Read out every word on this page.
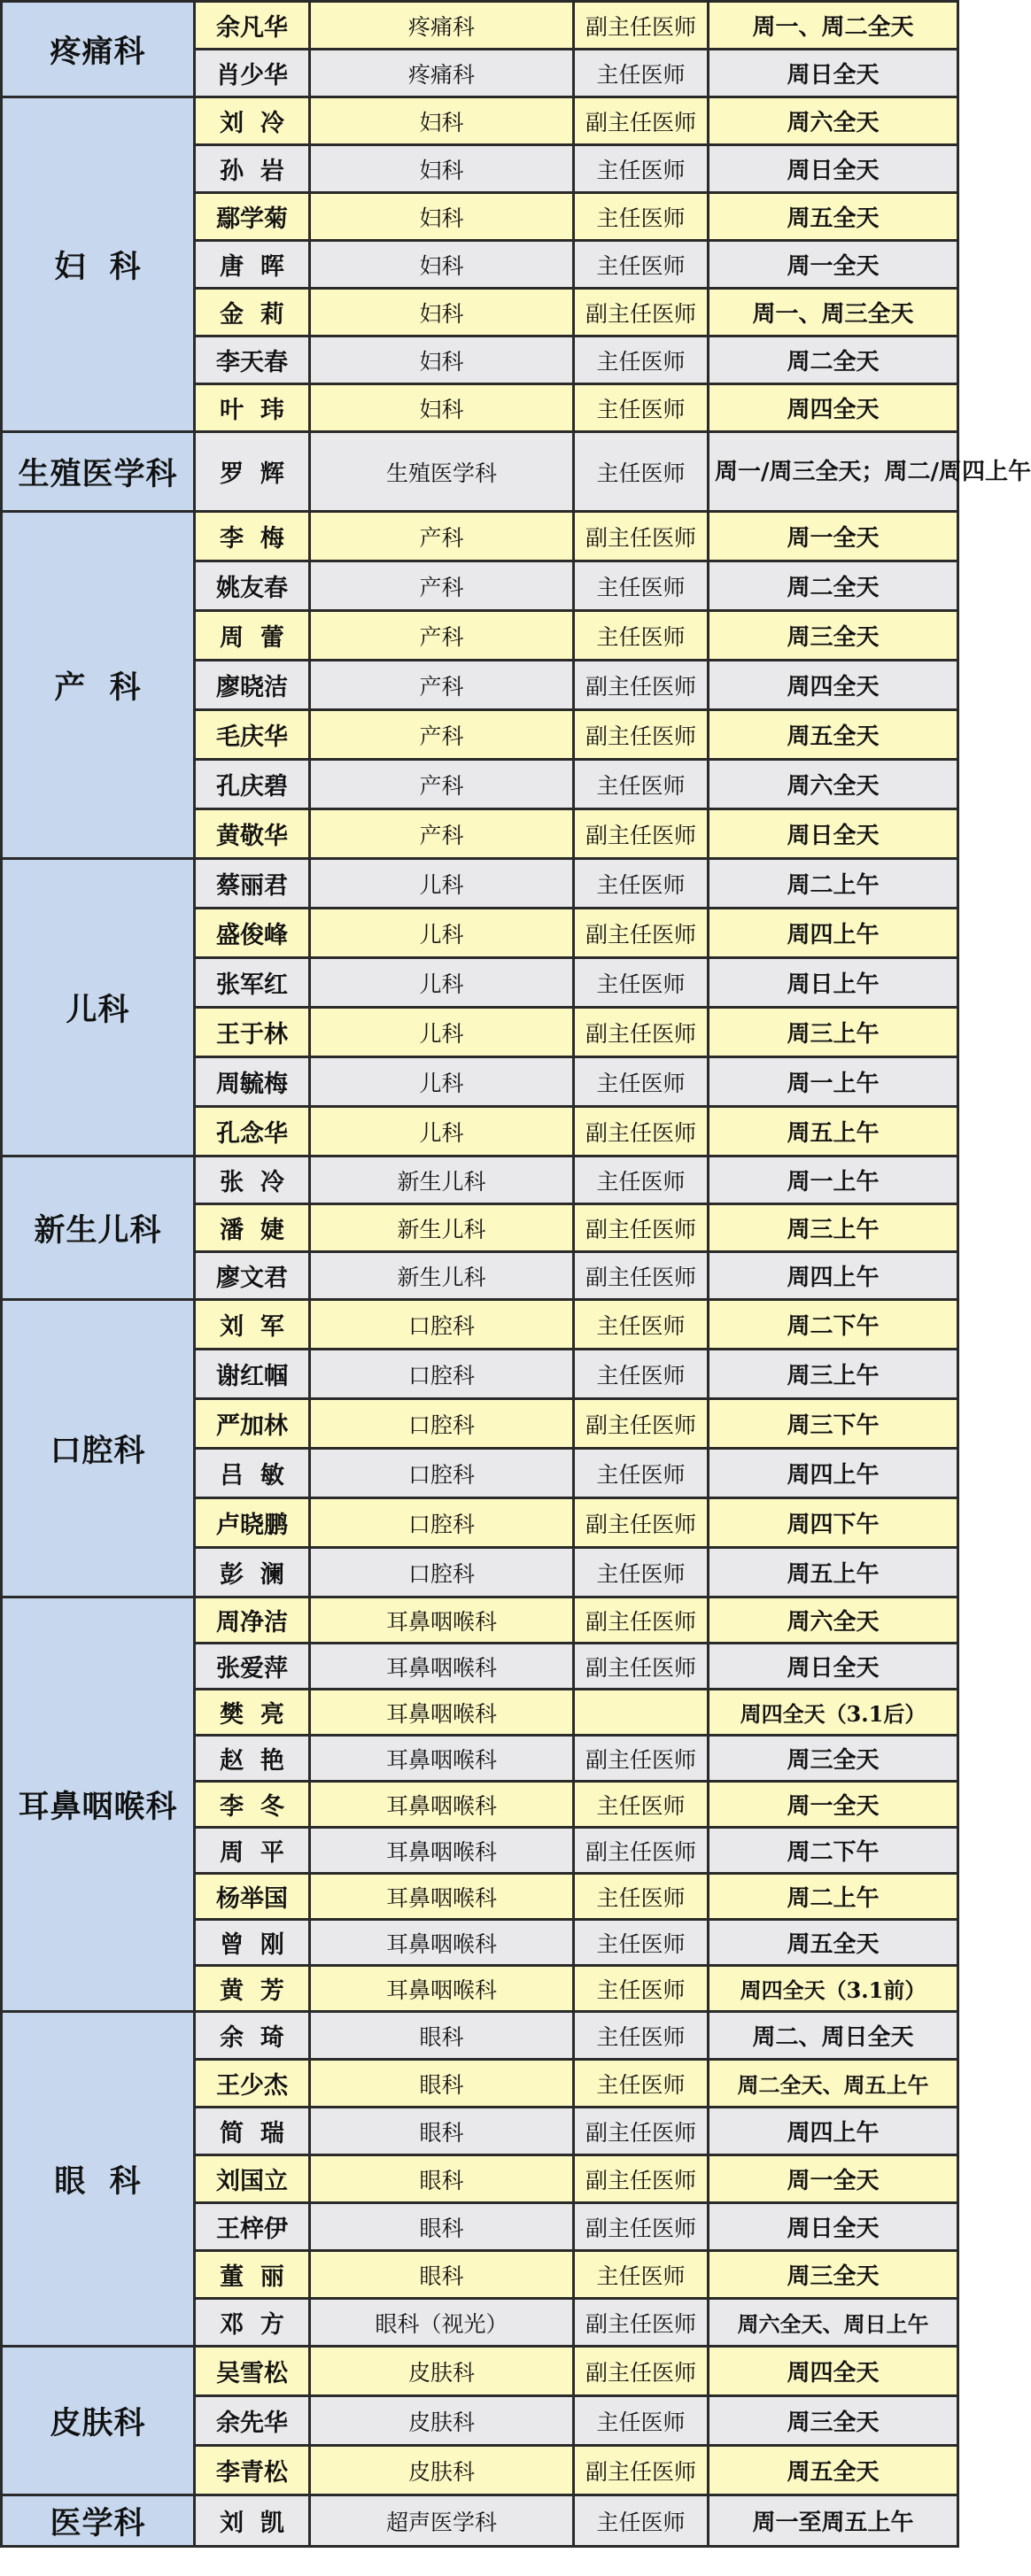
疼痛科	余凡华	疼痛科	副主任医师	周一、周二全天
	肖少华	疼痛科	主任医师	周日全天
妇  科	刘  冷	妇科	副主任医师	周六全天
	孙  岩	妇科	主任医师	周日全天
	鄢学菊	妇科	主任医师	周五全天
	唐  晖	妇科	主任医师	周一全天
	金  莉	妇科	副主任医师	周一、周三全天
	李天春	妇科	主任医师	周二全天
	叶  玮	妇科	主任医师	周四全天
生殖医学科	罗  辉	生殖医学科	主任医师	周一/周三全天；周二/周四上午
产  科	李  梅	产科	副主任医师	周一全天
	姚友春	产科	主任医师	周二全天
	周  蕾	产科	主任医师	周三全天
	廖晓洁	产科	副主任医师	周四全天
	毛庆华	产科	副主任医师	周五全天
	孔庆碧	产科	主任医师	周六全天
	黄敬华	产科	副主任医师	周日全天
儿科	蔡丽君	儿科	主任医师	周二上午
	盛俊峰	儿科	副主任医师	周四上午
	张军红	儿科	主任医师	周日上午
	王于林	儿科	副主任医师	周三上午
	周毓梅	儿科	主任医师	周一上午
	孔念华	儿科	副主任医师	周五上午
新生儿科	张  冷	新生儿科	主任医师	周一上午
	潘  婕	新生儿科	副主任医师	周三上午
	廖文君	新生儿科	副主任医师	周四上午
口腔科	刘  军	口腔科	主任医师	周二下午
	谢红帼	口腔科	主任医师	周三上午
	严加林	口腔科	副主任医师	周三下午
	吕  敏	口腔科	主任医师	周四上午
	卢晓鹏	口腔科	副主任医师	周四下午
	彭  澜	口腔科	主任医师	周五上午
耳鼻咽喉科	周净洁	耳鼻咽喉科	副主任医师	周六全天
	张爱萍	耳鼻咽喉科	副主任医师	周日全天
	樊  亮	耳鼻咽喉科		周四全天（3.1后）
	赵  艳	耳鼻咽喉科	副主任医师	周三全天
	李  冬	耳鼻咽喉科	主任医师	周一全天
	周  平	耳鼻咽喉科	副主任医师	周二下午
	杨举国	耳鼻咽喉科	主任医师	周二上午
	曾  刚	耳鼻咽喉科	主任医师	周五全天
	黄  芳	耳鼻咽喉科	主任医师	周四全天（3.1前）
眼  科	余  琦	眼科	主任医师	周二、周日全天
	王少杰	眼科	主任医师	周二全天、周五上午
	简  瑞	眼科	副主任医师	周四上午
	刘国立	眼科	副主任医师	周一全天
	王梓伊	眼科	副主任医师	周日全天
	董  丽	眼科	主任医师	周三全天
	邓  方	眼科（视光）	副主任医师	周六全天、周日上午
皮肤科	吴雪松	皮肤科	副主任医师	周四全天
	余先华	皮肤科	主任医师	周三全天
	李青松	皮肤科	副主任医师	周五全天
医学科	刘  凯	超声医学科	主任医师	周一至周五上午
